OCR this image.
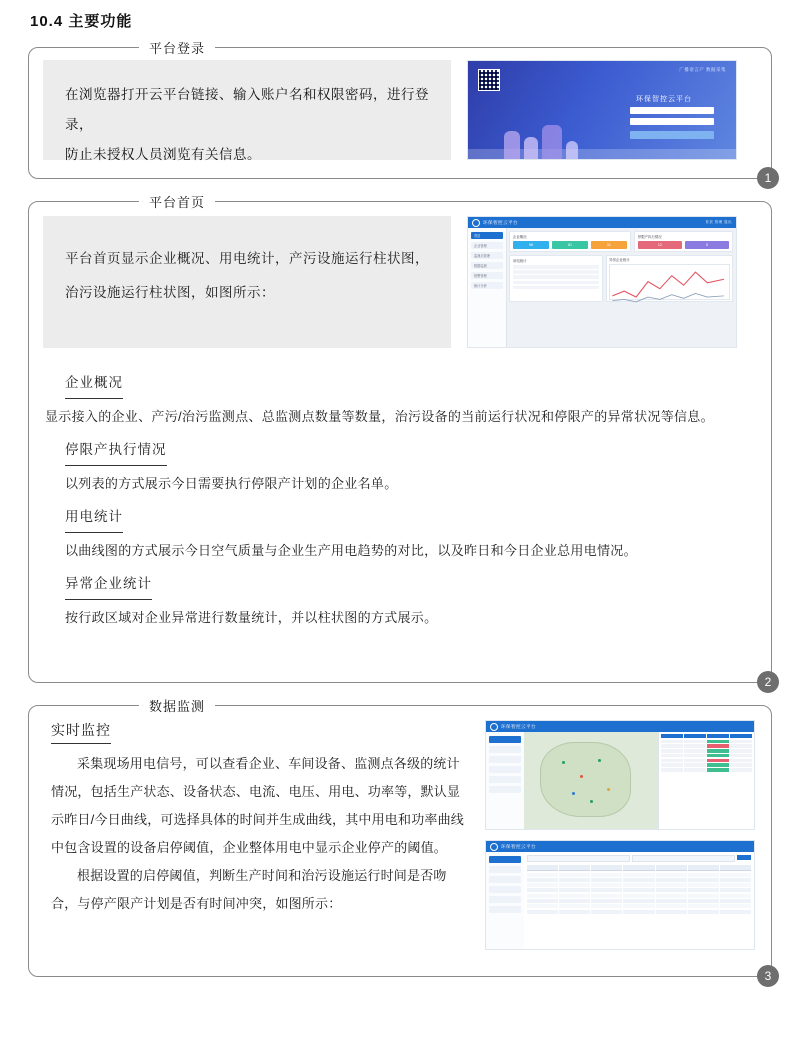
10.4 主要功能
平台登录
在浏览器打开云平台链接、输入账户名和权限密码，进行登录，
防止未授权人员浏览有关信息。
广播语言产 数据采集
环保智控云平台
1
平台首页
平台首页显示企业概况、用电统计，产污设施运行柱状图，
治污设施运行柱状图，如图所示：
环保智控云平台	首页 管理 退出
首页
企业管理
监测点管理
数据监测
报警管理
统计分析
企业概况
98	81	31
停限产执行情况
12	5
用电统计	异常企业统计
企业概况
显示接入的企业、产污/治污监测点、总监测点数量等数量，治污设备的当前运行状况和停限产的异常状况等信息。
停限产执行情况
以列表的方式展示今日需要执行停限产计划的企业名单。
用电统计
以曲线图的方式展示今日空气质量与企业生产用电趋势的对比，以及昨日和今日企业总用电情况。
异常企业统计
按行政区域对企业异常进行数量统计，并以柱状图的方式展示。
2
数据监测
实时监控
采集现场用电信号，可以查看企业、车间设备、监测点各级的统计情况，包括生产状态、设备状态、电流、电压、用电、功率等，默认显示昨日/今日曲线，可选择具体的时间并生成曲线，其中用电和功率曲线中包含设置的设备启停阈值，企业整体用电中显示企业停产的阈值。
根据设置的启停阈值，判断生产时间和治污设施运行时间是否吻合，与停产限产计划是否有时间冲突，如图所示：
环保智控云平台
环保智控云平台
3
